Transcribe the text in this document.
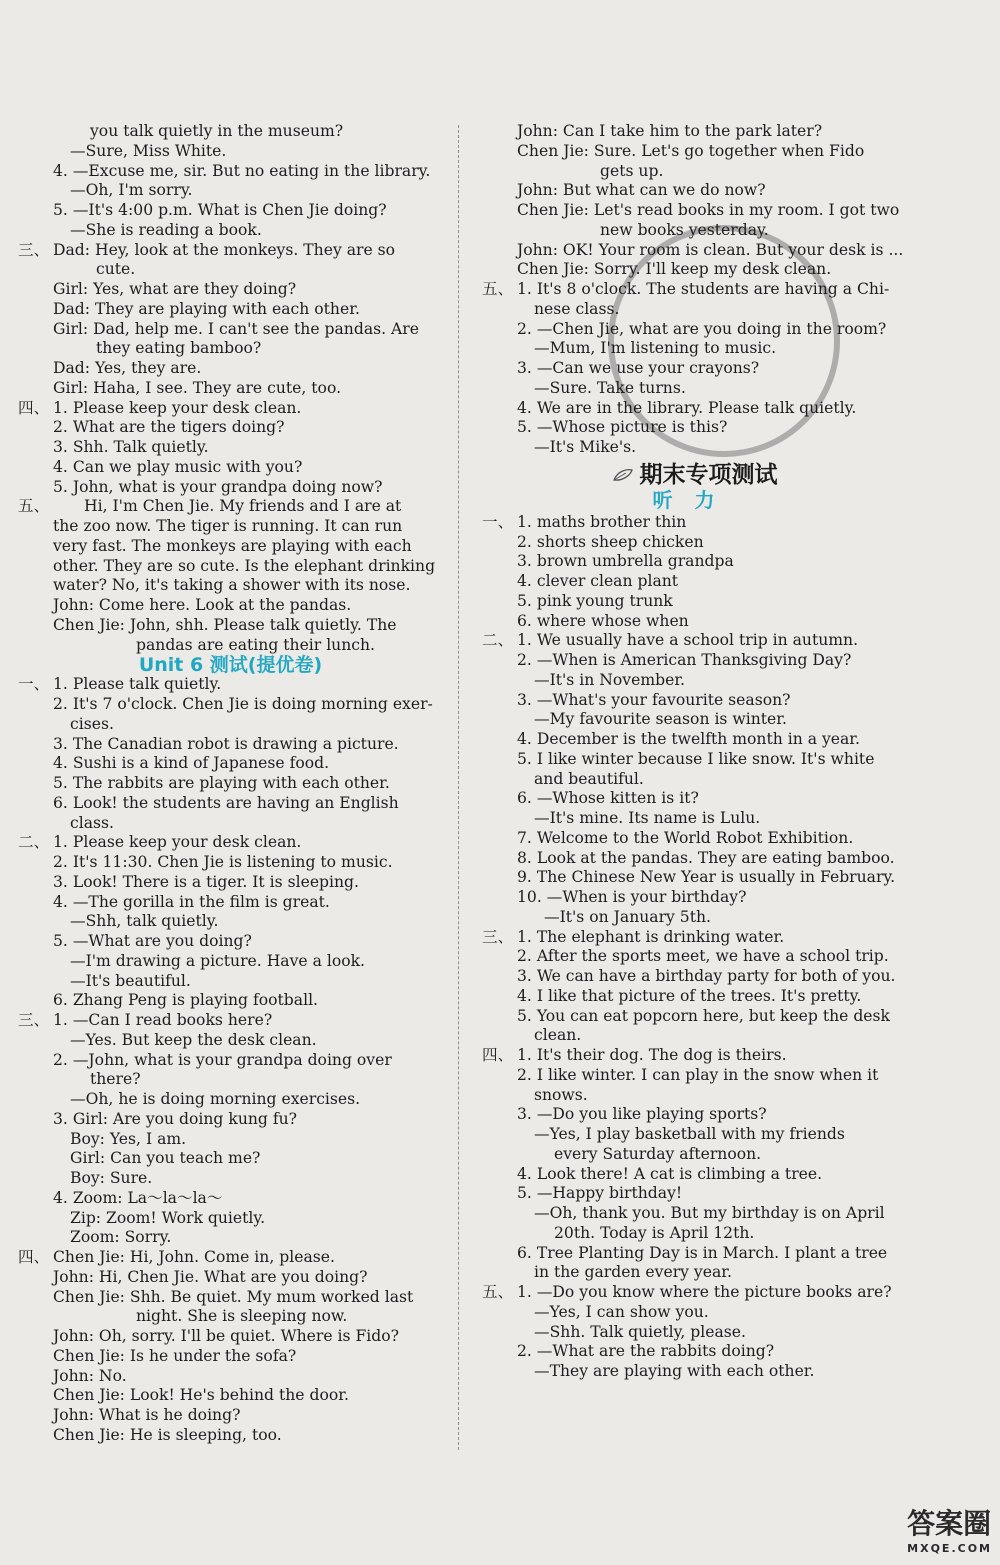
you talk quietly in the museum?
—Sure, Miss White.
4. —Excuse me, sir. But no eating in the library.
—Oh, I'm sorry.
5. —It's 4:00 p.m. What is Chen Jie doing?
—She is reading a book.
三、 Dad: Hey, look at the monkeys. They are so
cute.
Girl: Yes, what are they doing?
Dad: They are playing with each other.
Girl: Dad, help me. I can't see the pandas. Are
they eating bamboo?
Dad: Yes, they are.
Girl: Haha, I see. They are cute, too.
四、 1. Please keep your desk clean.
2. What are the tigers doing?
3. Shh. Talk quietly.
4. Can we play music with you?
5. John, what is your grandpa doing now?
五、 Hi, I'm Chen Jie. My friends and I are at
the zoo now. The tiger is running. It can run
very fast. The monkeys are playing with each
other. They are so cute. Is the elephant drinking
water? No, it's taking a shower with its nose.
John: Come here. Look at the pandas.
Chen Jie: John, shh. Please talk quietly. The
pandas are eating their lunch.
Unit 6 测试(提优卷)
一、 1. Please talk quietly.
2. It's 7 o'clock. Chen Jie is doing morning exer-
cises.
3. The Canadian robot is drawing a picture.
4. Sushi is a kind of Japanese food.
5. The rabbits are playing with each other.
6. Look! the students are having an English
class.
二、 1. Please keep your desk clean.
2. It's 11:30. Chen Jie is listening to music.
3. Look! There is a tiger. It is sleeping.
4. —The gorilla in the film is great.
—Shh, talk quietly.
5. —What are you doing?
—I'm drawing a picture. Have a look.
—It's beautiful.
6. Zhang Peng is playing football.
三、 1. —Can I read books here?
—Yes. But keep the desk clean.
2. —John, what is your grandpa doing over
there?
—Oh, he is doing morning exercises.
3. Girl: Are you doing kung fu?
Boy: Yes, I am.
Girl: Can you teach me?
Boy: Sure.
4. Zoom: La～la～la～
Zip: Zoom! Work quietly.
Zoom: Sorry.
四、 Chen Jie: Hi, John. Come in, please.
John: Hi, Chen Jie. What are you doing?
Chen Jie: Shh. Be quiet. My mum worked last
night. She is sleeping now.
John: Oh, sorry. I'll be quiet. Where is Fido?
Chen Jie: Is he under the sofa?
John: No.
Chen Jie: Look! He's behind the door.
John: What is he doing?
Chen Jie: He is sleeping, too.
John: Can I take him to the park later?
Chen Jie: Sure. Let's go together when Fido
gets up.
John: But what can we do now?
Chen Jie: Let's read books in my room. I got two
new books yesterday.
John: OK! Your room is clean. But your desk is ...
Chen Jie: Sorry. I'll keep my desk clean.
五、 1. It's 8 o'clock. The students are having a Chi-
nese class.
2. —Chen Jie, what are you doing in the room?
—Mum, I'm listening to music.
3. —Can we use your crayons?
—Sure. Take turns.
4. We are in the library. Please talk quietly.
5. —Whose picture is this?
—It's Mike's.
期末专项测试
听力
一、 1. maths brother thin
2. shorts sheep chicken
3. brown umbrella grandpa
4. clever clean plant
5. pink young trunk
6. where whose when
二、 1. We usually have a school trip in autumn.
2. —When is American Thanksgiving Day?
—It's in November.
3. —What's your favourite season?
—My favourite season is winter.
4. December is the twelfth month in a year.
5. I like winter because I like snow. It's white
and beautiful.
6. —Whose kitten is it?
—It's mine. Its name is Lulu.
7. Welcome to the World Robot Exhibition.
8. Look at the pandas. They are eating bamboo.
9. The Chinese New Year is usually in February.
10. —When is your birthday?
—It's on January 5th.
三、 1. The elephant is drinking water.
2. After the sports meet, we have a school trip.
3. We can have a birthday party for both of you.
4. I like that picture of the trees. It's pretty.
5. You can eat popcorn here, but keep the desk
clean.
四、 1. It's their dog. The dog is theirs.
2. I like winter. I can play in the snow when it
snows.
3. —Do you like playing sports?
—Yes, I play basketball with my friends
every Saturday afternoon.
4. Look there! A cat is climbing a tree.
5. —Happy birthday!
—Oh, thank you. But my birthday is on April
20th. Today is April 12th.
6. Tree Planting Day is in March. I plant a tree
in the garden every year.
五、 1. —Do you know where the picture books are?
—Yes, I can show you.
—Shh. Talk quietly, please.
2. —What are the rabbits doing?
—They are playing with each other.
答案圈
MXQE.COM
